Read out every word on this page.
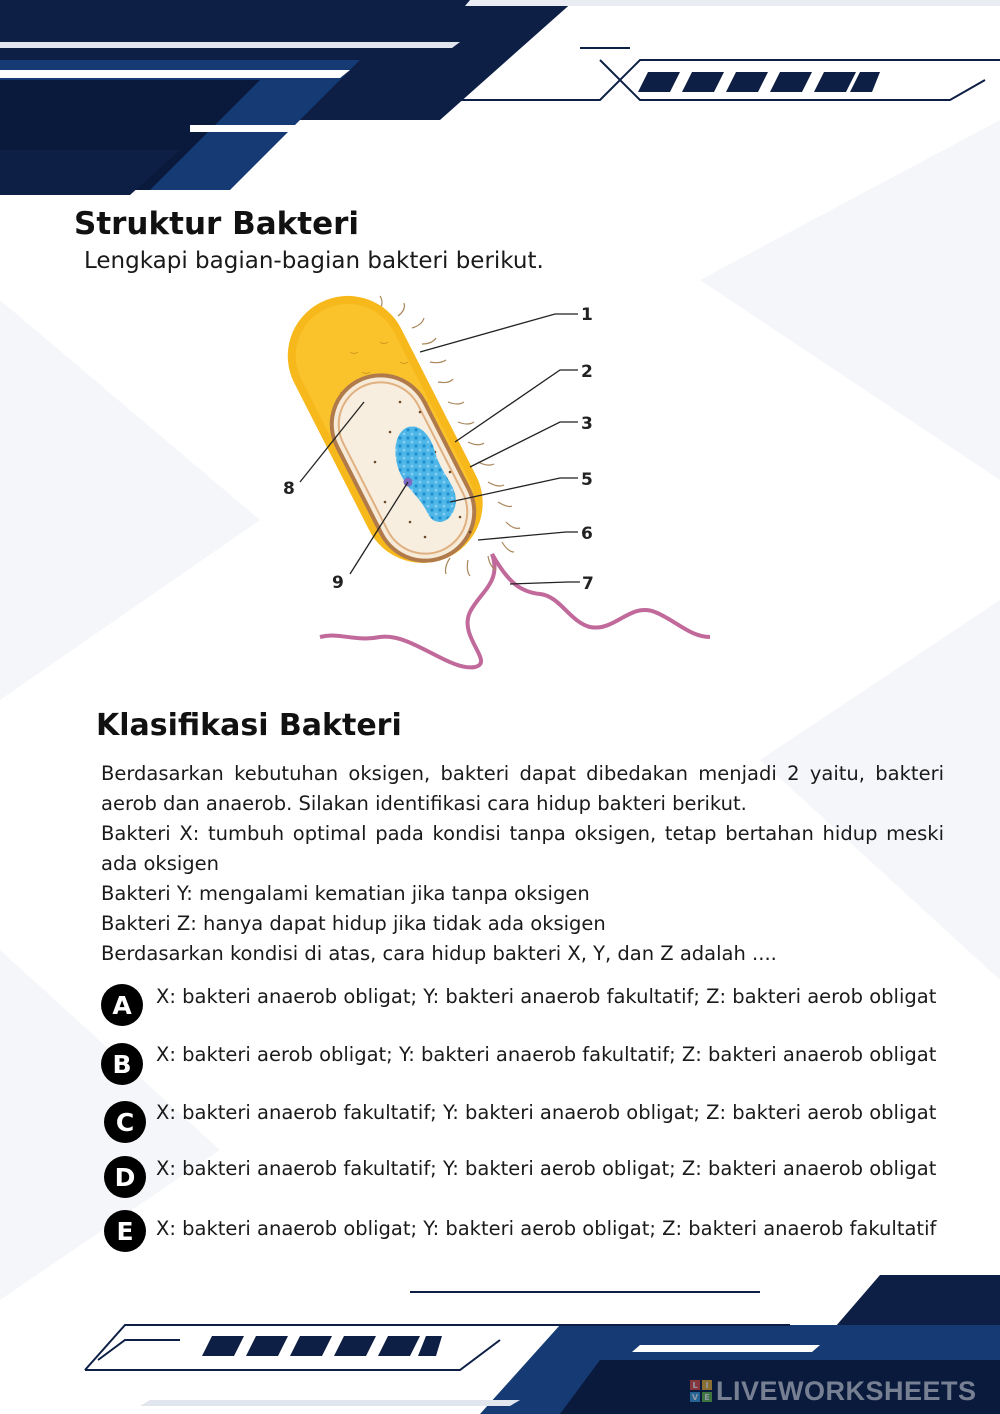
Struktur Bakteri
Lengkapi bagian-bagian bakteri berikut.
1
2
3
5
6
7
8
9
Klasifikasi Bakteri
Berdasarkan kebutuhan oksigen, bakteri dapat dibedakan menjadi 2 yaitu, bakteri aerob dan anaerob. Silakan identifikasi cara hidup bakteri berikut.
Bakteri X: tumbuh optimal pada kondisi tanpa oksigen, tetap bertahan hidup meski ada oksigen
Bakteri Y: mengalami kematian jika tanpa oksigen
Bakteri Z: hanya dapat hidup jika tidak ada oksigen
Berdasarkan kondisi di atas, cara hidup bakteri X, Y, dan Z adalah ....
A	X: bakteri anaerob obligat; Y: bakteri anaerob fakultatif; Z: bakteri aerob obligat
B	X: bakteri aerob obligat; Y: bakteri anaerob fakultatif; Z: bakteri anaerob obligat
C	X: bakteri anaerob fakultatif; Y: bakteri anaerob obligat; Z: bakteri aerob obligat
D	X: bakteri anaerob fakultatif; Y: bakteri aerob obligat; Z: bakteri anaerob obligat
E	X: bakteri anaerob obligat; Y: bakteri aerob obligat; Z: bakteri anaerob fakultatif
L I
V E LIVEWORKSHEETS
